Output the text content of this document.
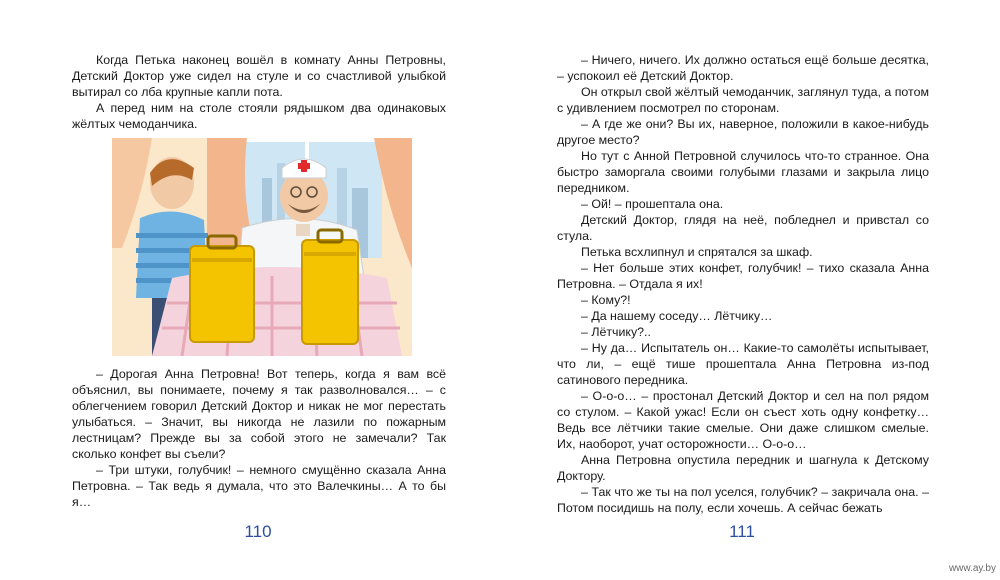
Когда Петька наконец вошёл в комнату Анны Петровны, Детский Доктор уже сидел на стуле и со счастливой улыбкой вытирал со лба крупные капли пота.

А перед ним на столе стояли рядышком два одинаковых жёлтых чемоданчика.

– Дорогая Анна Петровна! Вот теперь, когда я вам всё объяснил, вы понимаете, почему я так разволновался… – с облегчением говорил Детский Доктор и никак не мог перестать улыбаться. – Значит, вы никогда не лазили по пожарным лестницам? Прежде вы за собой этого не замечали? Так сколько конфет вы съели?

– Три штуки, голубчик! – немного смущённо сказала Анна Петровна. – Так ведь я думала, что это Валечкины… А то бы я…

110

– Ничего, ничего. Их должно остаться ещё больше десятка, – успокоил её Детский Доктор.

Он открыл свой жёлтый чемоданчик, заглянул туда, а потом с удивлением посмотрел по сторонам.

– А где же они? Вы их, наверное, положили в какое-нибудь другое место?

Но тут с Анной Петровной случилось что-то странное. Она быстро заморгала своими голубыми глазами и закрыла лицо передником.

– Ой! – прошептала она.

Детский Доктор, глядя на неё, побледнел и привстал со стула.

Петька всхлипнул и спрятался за шкаф.

– Нет больше этих конфет, голубчик! – тихо сказала Анна Петровна. – Отдала я их!

– Кому?!

– Да нашему соседу… Лётчику…

– Лётчику?..

– Ну да… Испытатель он… Какие-то самолёты испытывает, что ли, – ещё тише прошептала Анна Петровна из-под сатинового передника.

– О-о-о… – простонал Детский Доктор и сел на пол рядом со стулом. – Какой ужас! Если он съест хоть одну конфетку… Ведь все лётчики такие смелые. Они даже слишком смелые. Их, наоборот, учат осторожности… О-о-о…

Анна Петровна опустила передник и шагнула к Детскому Доктору.

– Так что же ты на пол уселся, голубчик? – закричала она. – Потом посидишь на полу, если хочешь. А сейчас бежать

111
www.ay.by
